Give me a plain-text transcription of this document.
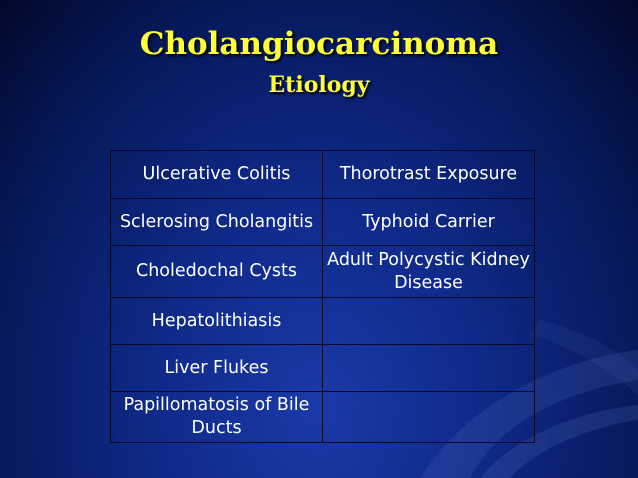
Cholangiocarcinoma
Etiology
Ulcerative Colitis	Thorotrast Exposure
Sclerosing Cholangitis	Typhoid Carrier
Choledochal Cysts	Adult Polycystic Kidney Disease
Hepatolithiasis	
Liver Flukes	
Papillomatosis of Bile Ducts	
